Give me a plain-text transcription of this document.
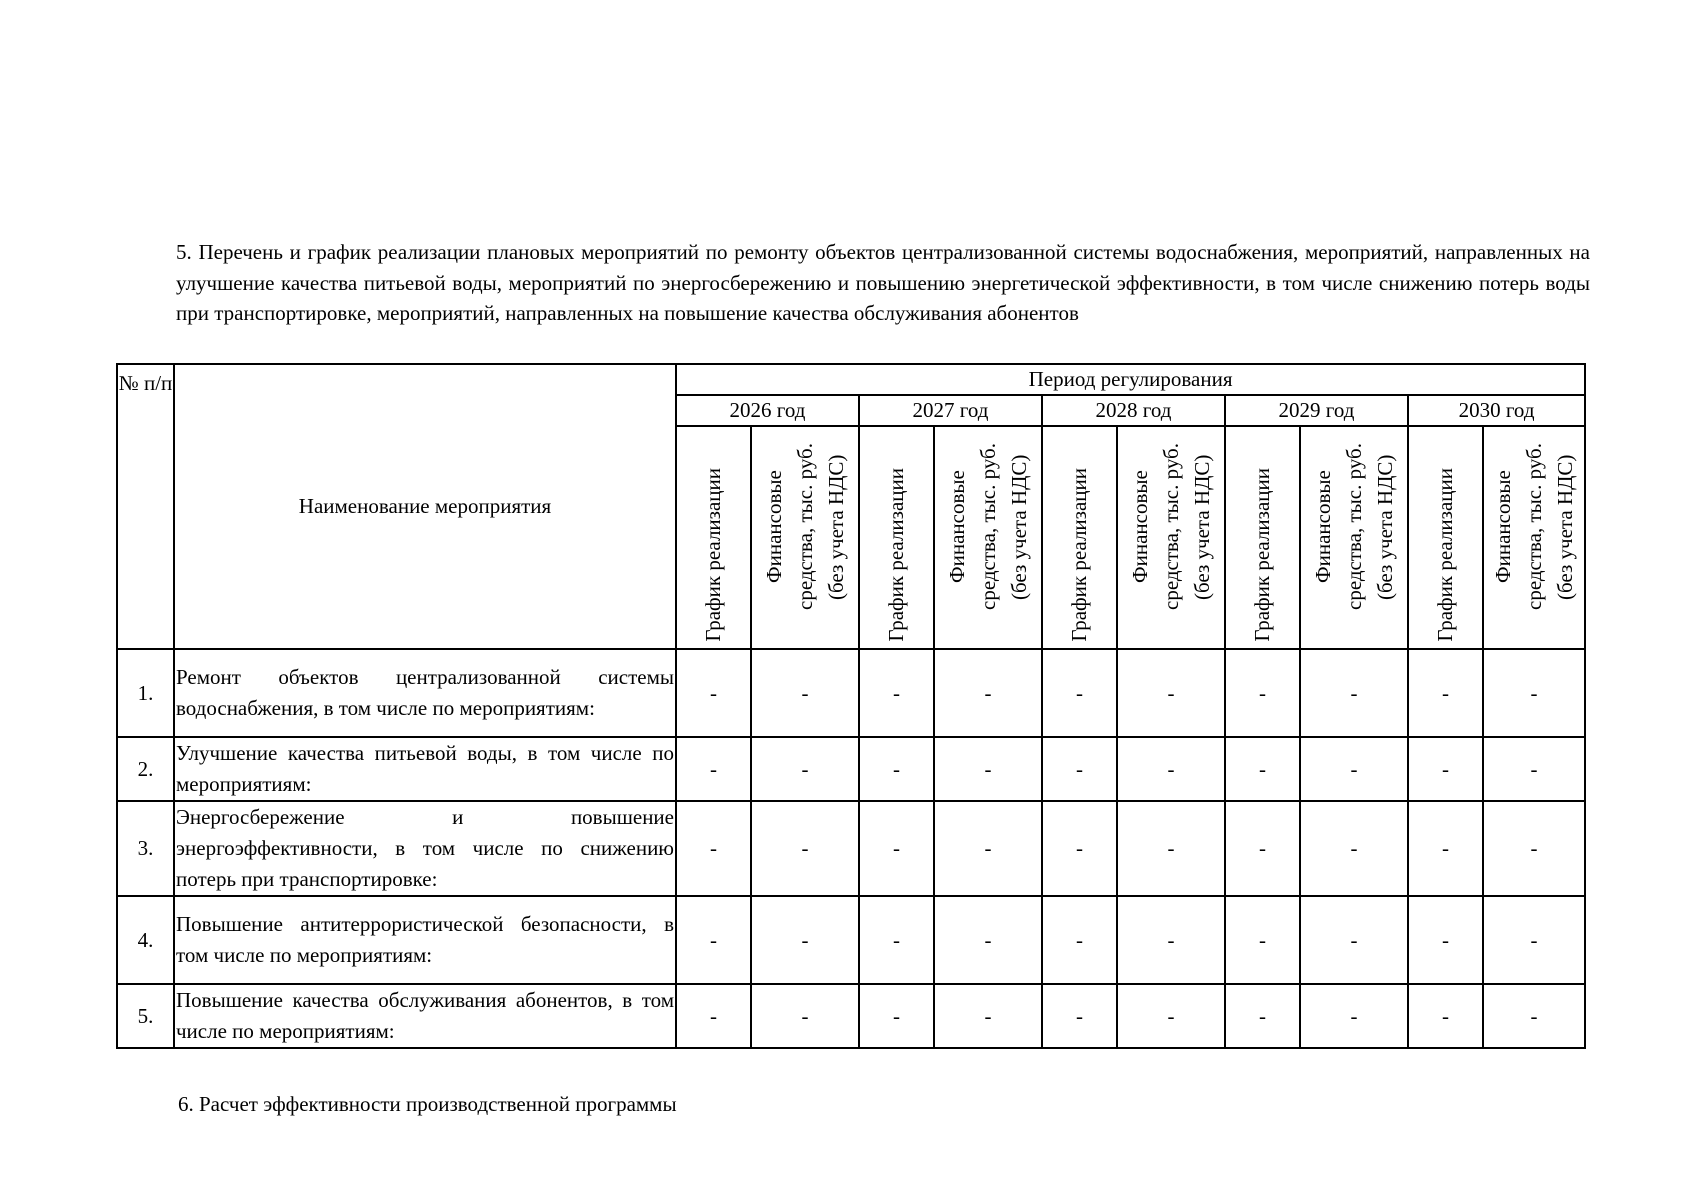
5. Перечень и график реализации плановых мероприятий по ремонту объектов централизованной системы водоснабжения, мероприятий, направленных на улучшение качества питьевой воды, мероприятий по энергосбережению и повышению энергетической эффективности, в том числе снижению потерь воды при транспортировке, мероприятий, направленных на повышение качества обслуживания абонентов
№ п/п	Наименование мероприятия	Период регулирования									
		2026 год		2027 год		2028 год		2029 год		2030 год	

		График реализации	Финансовые средства, тыс. руб. (без учета НДС)	График реализации	Финансовые средства, тыс. руб. (без учета НДС)	График реализации	Финансовые средства, тыс. руб. (без учета НДС)	График реализации	Финансовые средства, тыс. руб. (без учета НДС)	График реализации	Финансовые средства, тыс. руб. (без учета НДС)

1.	Ремонт объектов централизованной системы водоснабжения, в том числе по мероприятиям:	-	-	-	-	-	-	-	-	-	-
2.	Улучшение качества питьевой воды, в том числе по мероприятиям:	-	-	-	-	-	-	-	-	-	-
3.	Энергосбережение и повышение энергоэффективности, в том числе по снижению потерь при транспортировке:	-	-	-	-	-	-	-	-	-	-
4.	Повышение антитеррористической безопасности, в том числе по мероприятиям:	-	-	-	-	-	-	-	-	-	-
5.	Повышение качества обслуживания абонентов, в том числе по мероприятиям:	-	-	-	-	-	-	-	-	-	-
6. Расчет эффективности производственной программы
